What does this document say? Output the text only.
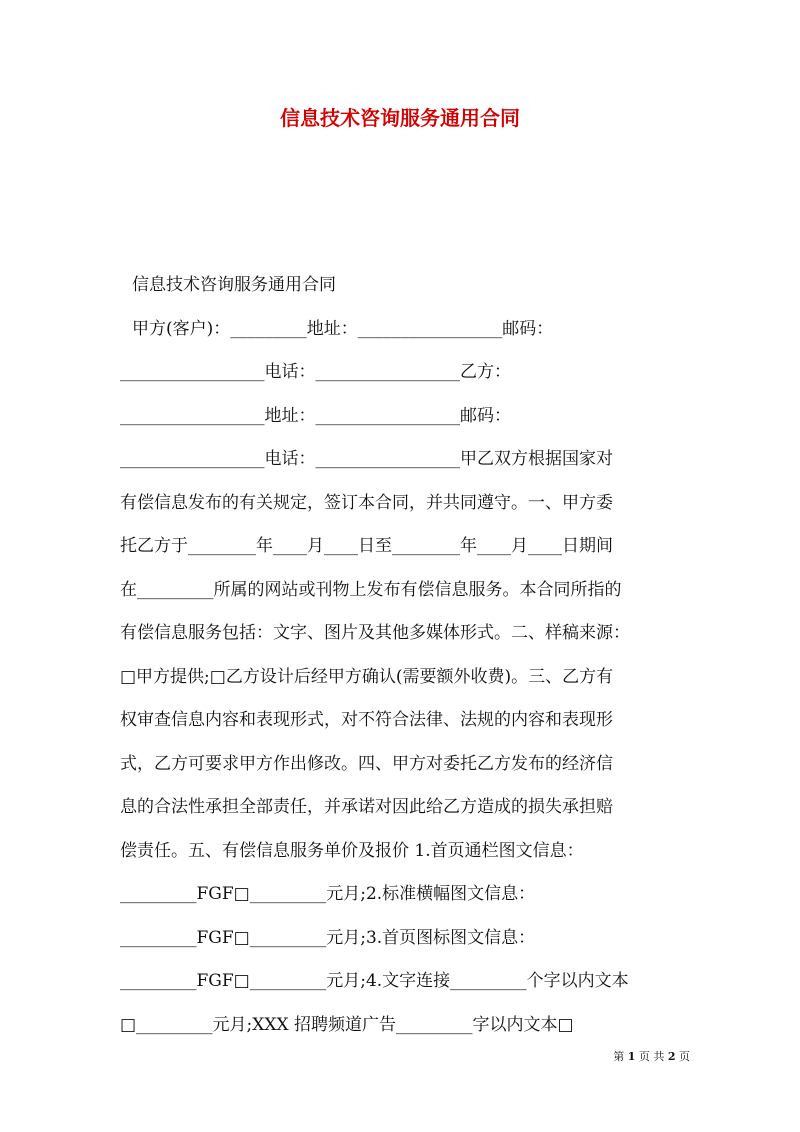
信息技术咨询服务通用合同
信息技术咨询服务通用合同
甲方(客户)：_________地址：_________________邮码：
_________________电话：_________________乙方：
_________________地址：_________________邮码：
_________________电话：_________________甲乙双方根据国家对
有偿信息发布的有关规定，签订本合同，并共同遵守。一、甲方委
托乙方于________年____月____日至________年____月____日期间
在_________所属的网站或刊物上发布有偿信息服务。本合同所指的
有偿信息服务包括：文字、图片及其他多媒体形式。二、样稿来源：
□甲方提供;□乙方设计后经甲方确认(需要额外收费)。三、乙方有
权审查信息内容和表现形式，对不符合法律、法规的内容和表现形
式，乙方可要求甲方作出修改。四、甲方对委托乙方发布的经济信
息的合法性承担全部责任，并承诺对因此给乙方造成的损失承担赔
偿责任。五、有偿信息服务单价及报价 1.首页通栏图文信息：
_________FGF□_________元月;2.标准横幅图文信息：
_________FGF□_________元月;3.首页图标图文信息：
_________FGF□_________元月;4.文字连接_________个字以内文本
□_________元月;XXX 招聘频道广告_________字以内文本□
第 1 页 共 2 页
